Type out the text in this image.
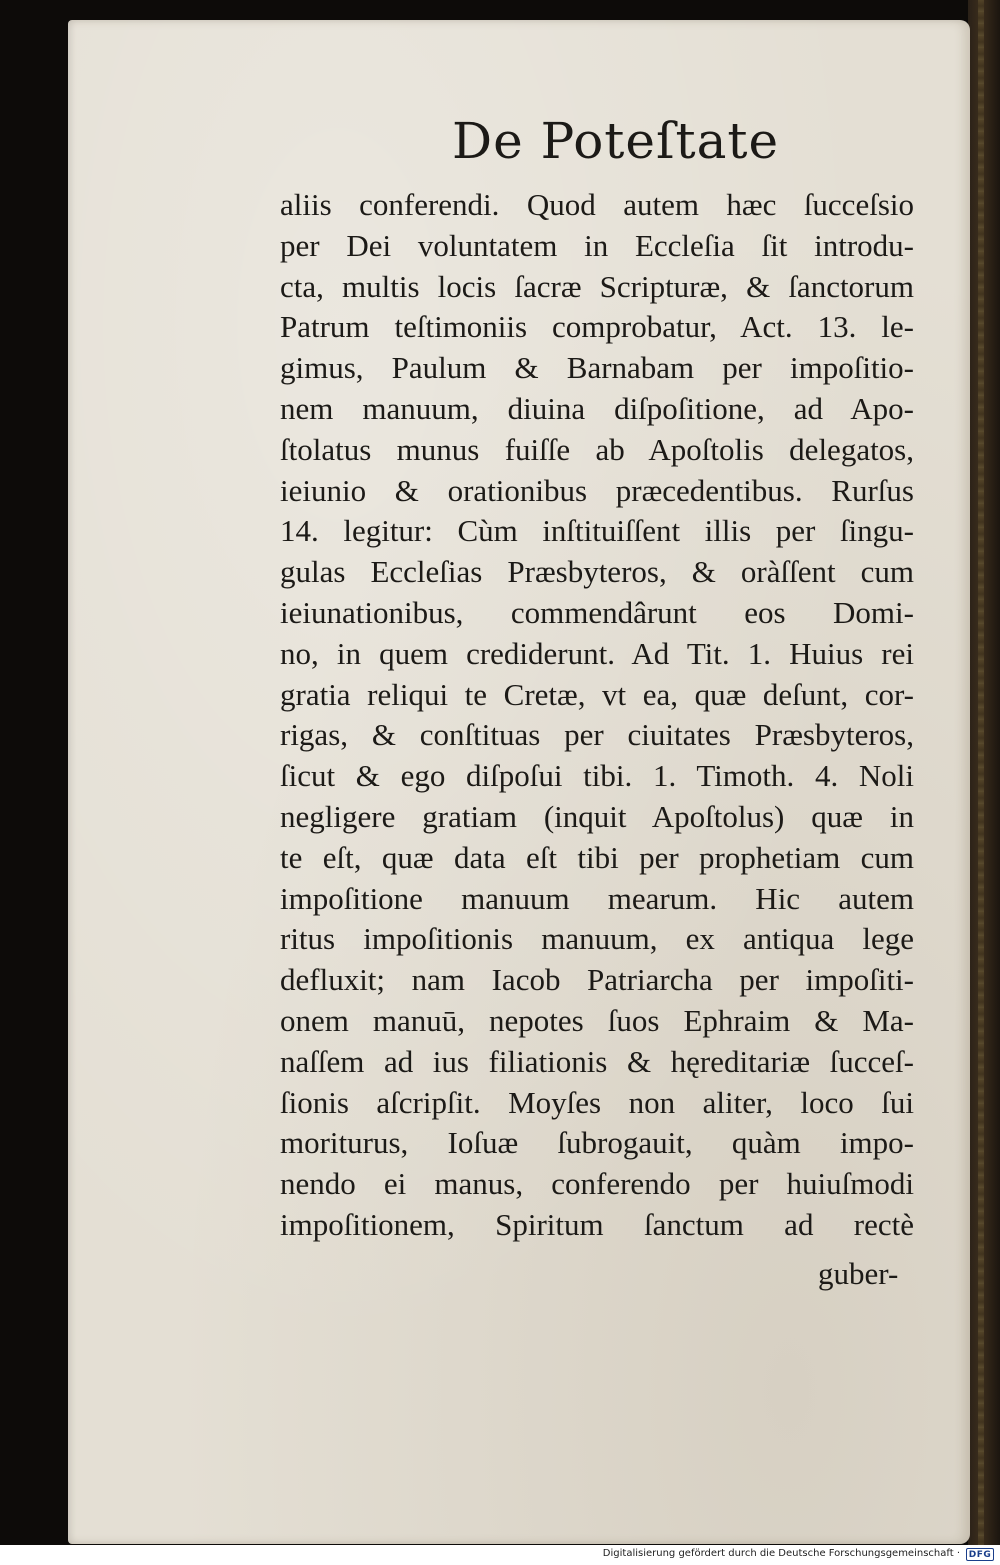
De Poteſtate
aliis conferendi. Quod autem hæc ſucceſsio
per Dei voluntatem in Eccleſia ſit introdu-
cta, multis locis ſacræ Scripturæ, & ſanctorum
Patrum teſtimoniis comprobatur, Act. 13. le-
gimus, Paulum & Barnabam per impoſitio-
nem manuum, diuina diſpoſitione, ad Apo-
ſtolatus munus fuiſſe ab Apoſtolis delegatos,
ieiunio & orationibus præcedentibus. Rurſus
14. legitur: Cùm inſtituiſſent illis per ſingu-
gulas Eccleſias Præsbyteros, & oràſſent cum
ieiunationibus, commendârunt eos Domi-
no, in quem crediderunt. Ad Tit. 1. Huius rei
gratia reliqui te Cretæ, vt ea, quæ deſunt, cor-
rigas, & conſtituas per ciuitates Præsbyteros,
ſicut & ego diſpoſui tibi. 1. Timoth. 4. Noli
negligere gratiam (inquit Apoſtolus) quæ in
te eſt, quæ data eſt tibi per prophetiam cum
impoſitione manuum mearum. Hic autem
ritus impoſitionis manuum, ex antiqua lege
defluxit; nam Iacob Patriarcha per impoſiti-
onem manuū, nepotes ſuos Ephraim & Ma-
naſſem ad ius filiationis & hęreditariæ ſucceſ-
ſionis aſcripſit. Moyſes non aliter, loco ſui
moriturus, Ioſuæ ſubrogauit, quàm impo-
nendo ei manus, conferendo per huiuſmodi
impoſitionem, Spiritum ſanctum ad rectè
guber-
Digitalisierung gefördert durch die Deutsche Forschungsgemeinschaft · DFG
